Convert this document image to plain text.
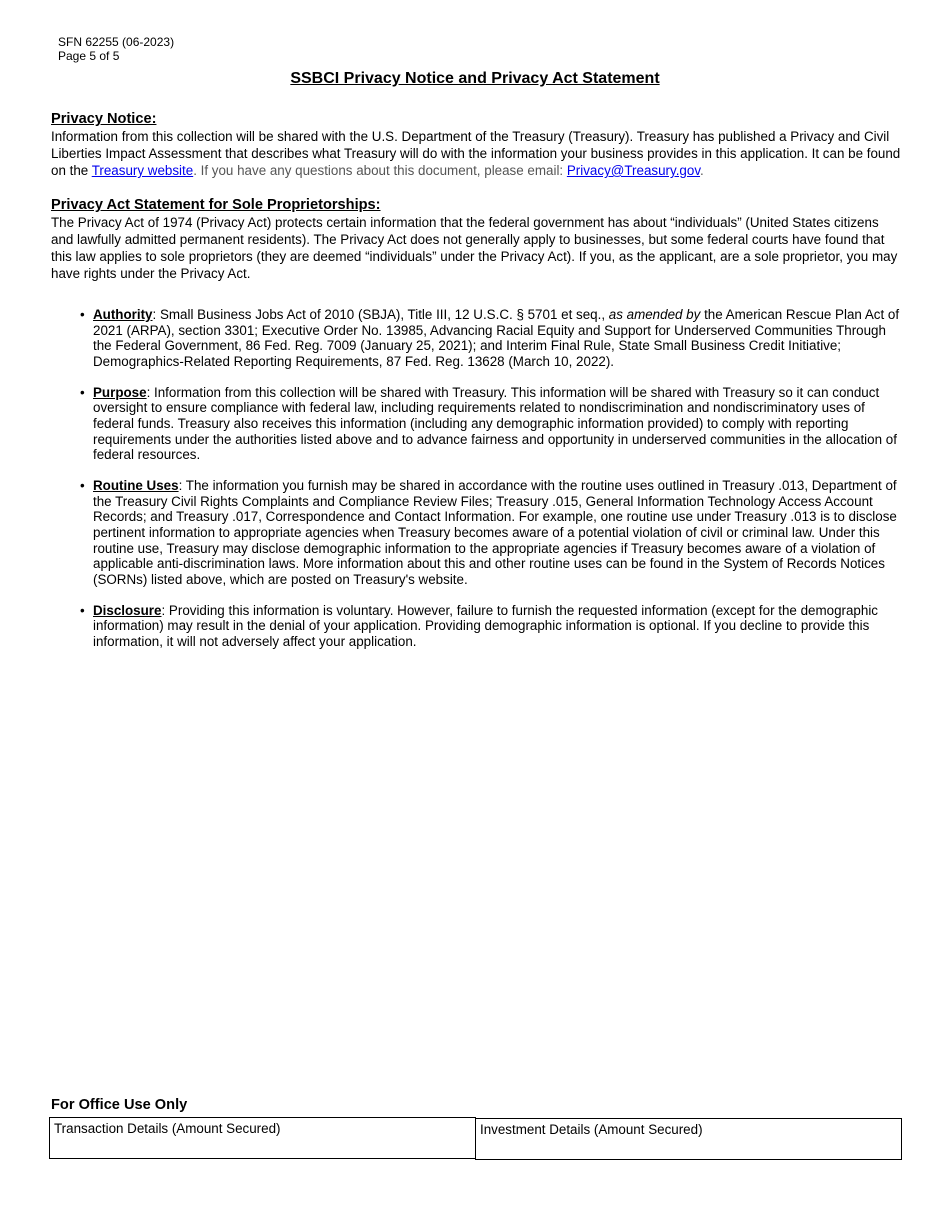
SFN 62255 (06-2023)
Page 5 of 5
SSBCI Privacy Notice and Privacy Act Statement
Privacy Notice:

Information from this collection will be shared with the U.S. Department of the Treasury (Treasury). Treasury has published a Privacy and Civil Liberties Impact Assessment that describes what Treasury will do with the information your business provides in this application. It can be found on the Treasury website. If you have any questions about this document, please email: Privacy@Treasury.gov.

Privacy Act Statement for Sole Proprietorships:

The Privacy Act of 1974 (Privacy Act) protects certain information that the federal government has about “individuals” (United States citizens and lawfully admitted permanent residents). The Privacy Act does not generally apply to businesses, but some federal courts have found that this law applies to sole proprietors (they are deemed “individuals” under the Privacy Act). If you, as the applicant, are a sole proprietor, you may have rights under the Privacy Act.

• Authority: Small Business Jobs Act of 2010 (SBJA), Title III, 12 U.S.C. § 5701 et seq., as amended by the American Rescue Plan Act of 2021 (ARPA), section 3301; Executive Order No. 13985, Advancing Racial Equity and Support for Underserved Communities Through the Federal Government, 86 Fed. Reg. 7009 (January 25, 2021); and Interim Final Rule, State Small Business Credit Initiative; Demographics-Related Reporting Requirements, 87 Fed. Reg. 13628 (March 10, 2022).
• Purpose: Information from this collection will be shared with Treasury. This information will be shared with Treasury so it can conduct oversight to ensure compliance with federal law, including requirements related to nondiscrimination and nondiscriminatory uses of federal funds. Treasury also receives this information (including any demographic information provided) to comply with reporting requirements under the authorities listed above and to advance fairness and opportunity in underserved communities in the allocation of federal resources.
• Routine Uses: The information you furnish may be shared in accordance with the routine uses outlined in Treasury .013, Department of the Treasury Civil Rights Complaints and Compliance Review Files; Treasury .015, General Information Technology Access Account Records; and Treasury .017, Correspondence and Contact Information. For example, one routine use under Treasury .013 is to disclose pertinent information to appropriate agencies when Treasury becomes aware of a potential violation of civil or criminal law. Under this routine use, Treasury may disclose demographic information to the appropriate agencies if Treasury becomes aware of a violation of applicable anti-discrimination laws. More information about this and other routine uses can be found in the System of Records Notices (SORNs) listed above, which are posted on Treasury's website.
• Disclosure: Providing this information is voluntary. However, failure to furnish the requested information (except for the demographic information) may result in the denial of your application. Providing demographic information is optional. If you decline to provide this information, it will not adversely affect your application.
For Office Use Only
Transaction Details (Amount Secured)	Investment Details (Amount Secured)
